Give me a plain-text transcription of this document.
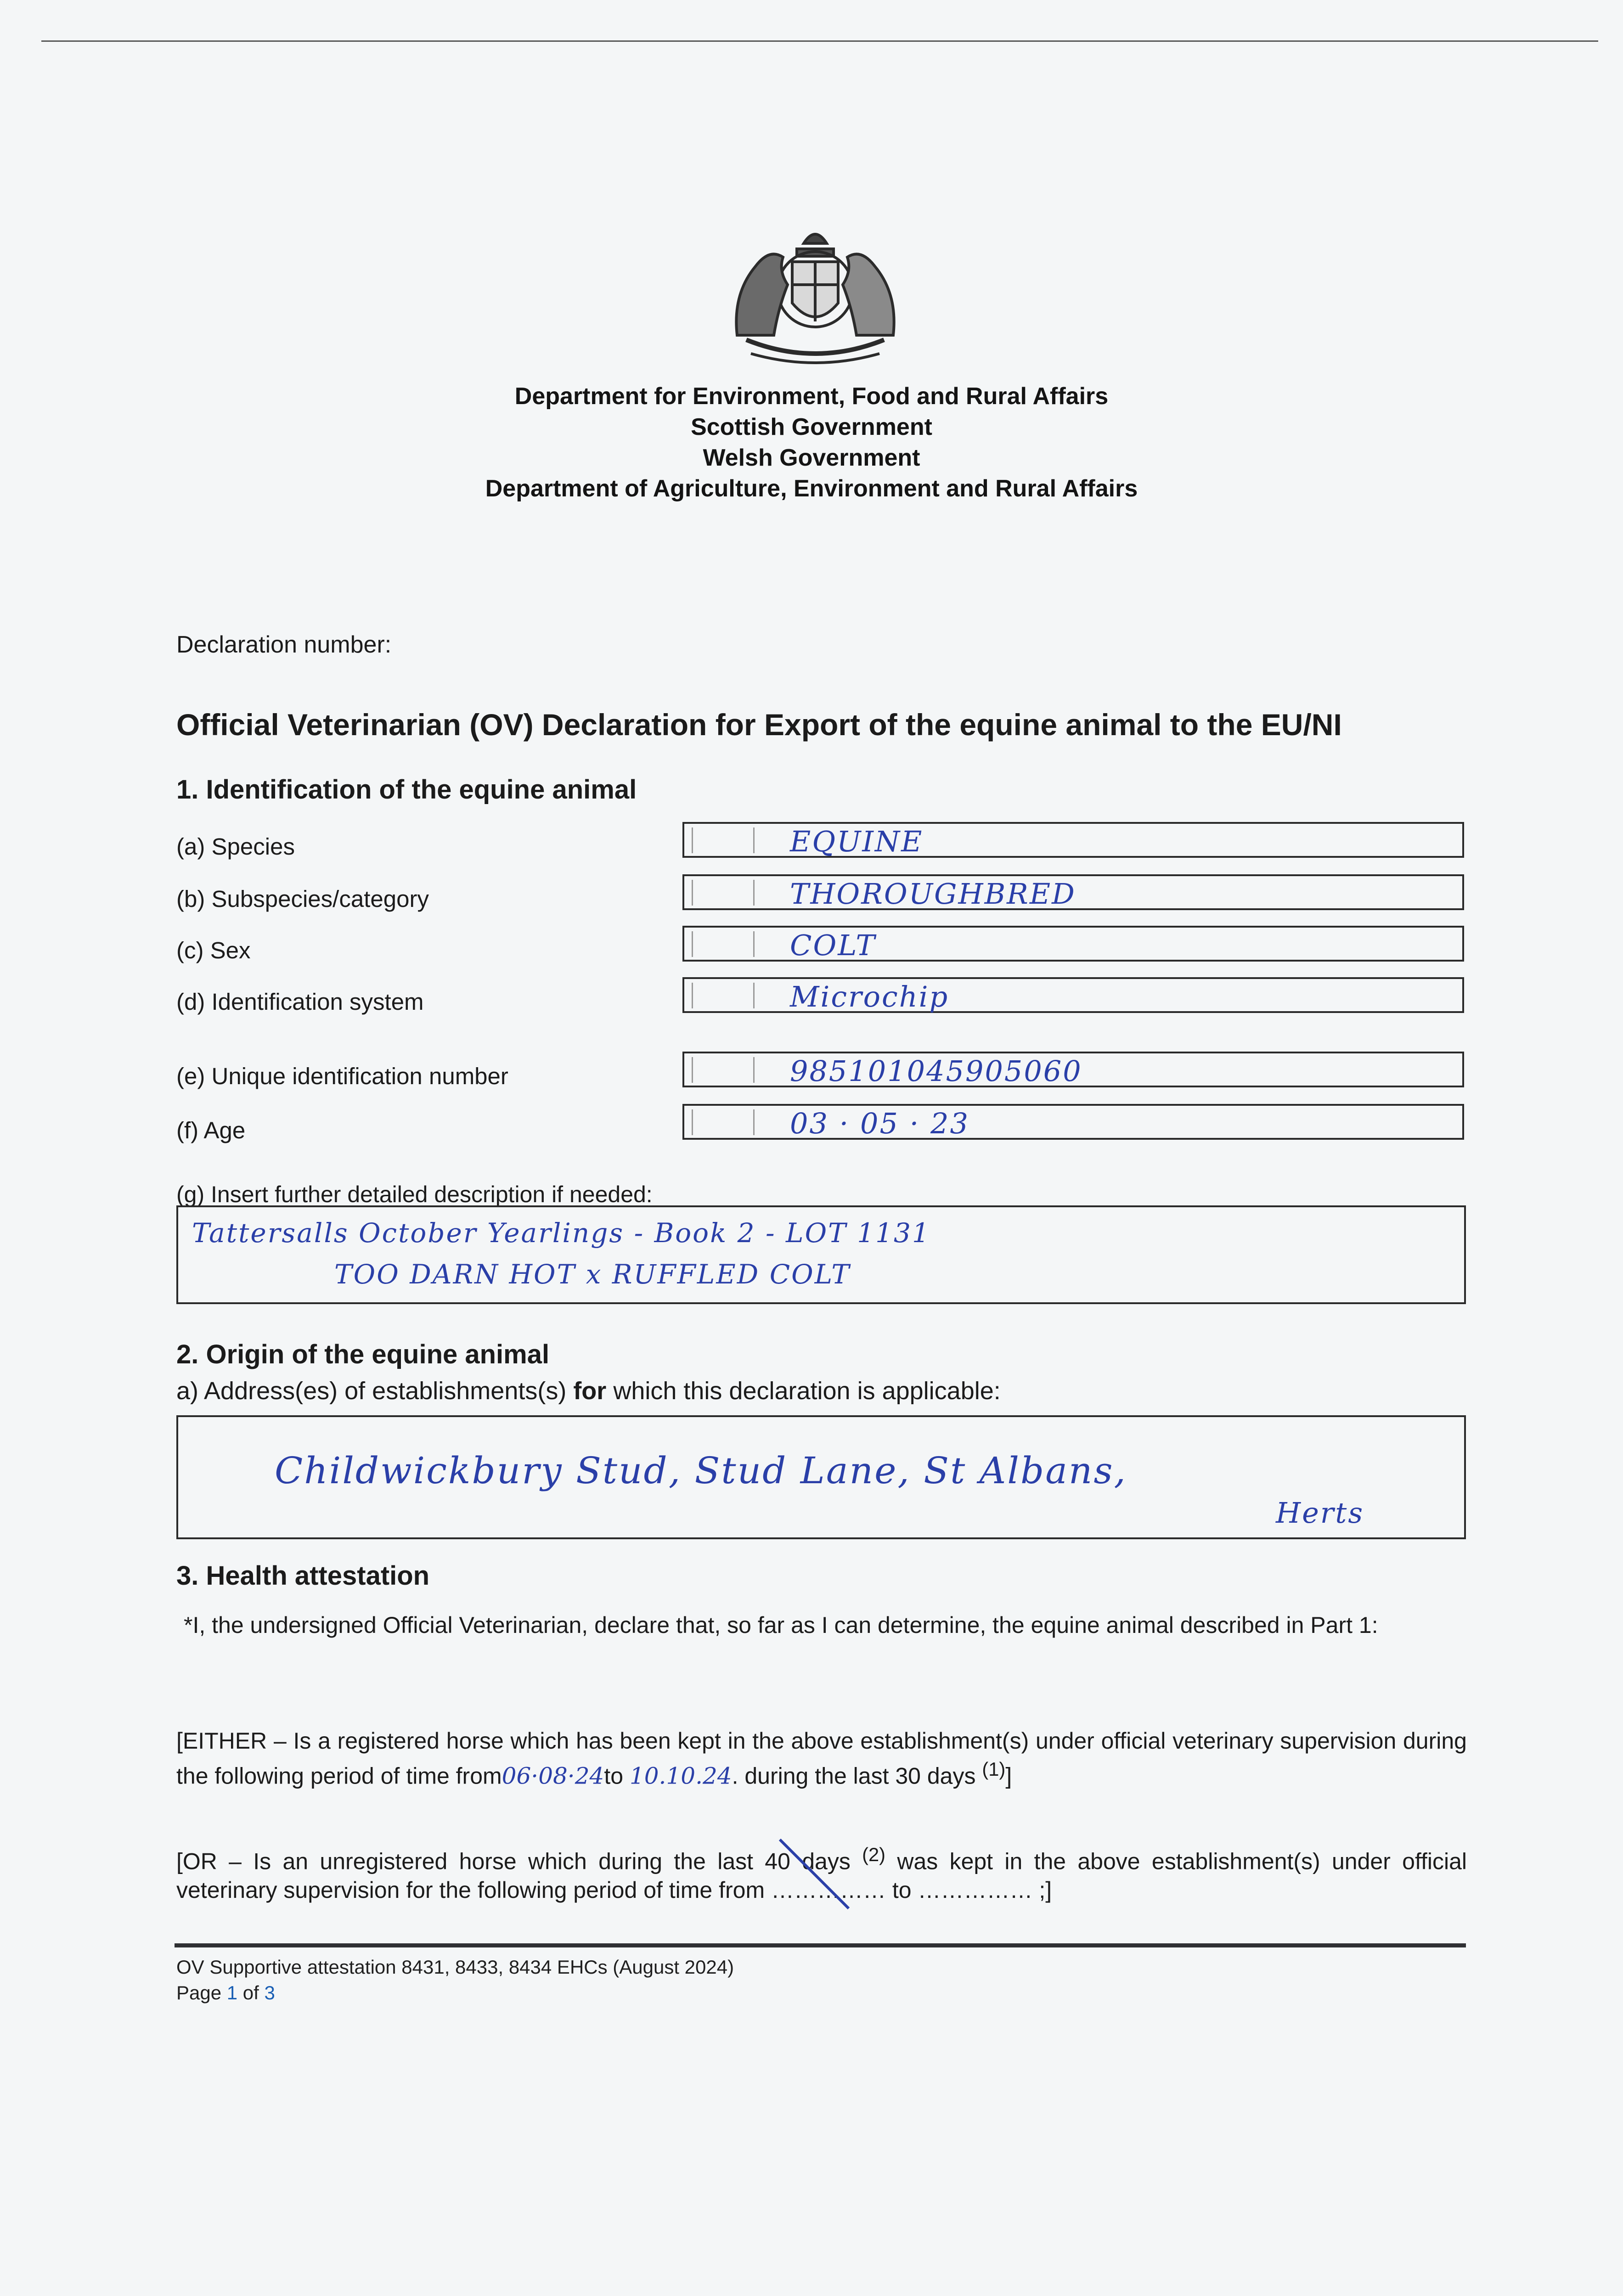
Department for Environment, Food and Rural Affairs
Scottish Government
Welsh Government
Department of Agriculture, Environment and Rural Affairs
Declaration number:
Official Veterinarian (OV) Declaration for Export of the equine animal to the EU/NI
1. Identification of the equine animal
(a) Species	EQUINE
(b) Subspecies/category	THOROUGHBRED
(c) Sex	COLT
(d) Identification system	Microchip
(e) Unique identification number	985101045905060
(f) Age	03 · 05 · 23
(g) Insert further detailed description if needed:
Tattersalls October Yearlings - Book 2 - LOT 1131
TOO DARN HOT x RUFFLED COLT
2. Origin of the equine animal
a) Address(es) of establishments(s) for which this declaration is applicable:
Childwickbury Stud, Stud Lane, St Albans,
Herts
3. Health attestation
*I, the undersigned Official Veterinarian, declare that, so far as I can determine, the equine animal described in Part 1:
[EITHER – Is a registered horse which has been kept in the above establishment(s) under official veterinary supervision during the following period of time from06·08·24to 10.10.24. during the last 30 days $^{(1)}$]
[OR – Is an unregistered horse which during the last 40 days $^{(2)}$ was kept in the above establishment(s) under official veterinary supervision for the following period of time from …………… to …………… ;]
OV Supportive attestation 8431, 8433, 8434 EHCs (August 2024)
Page 1 of 3
